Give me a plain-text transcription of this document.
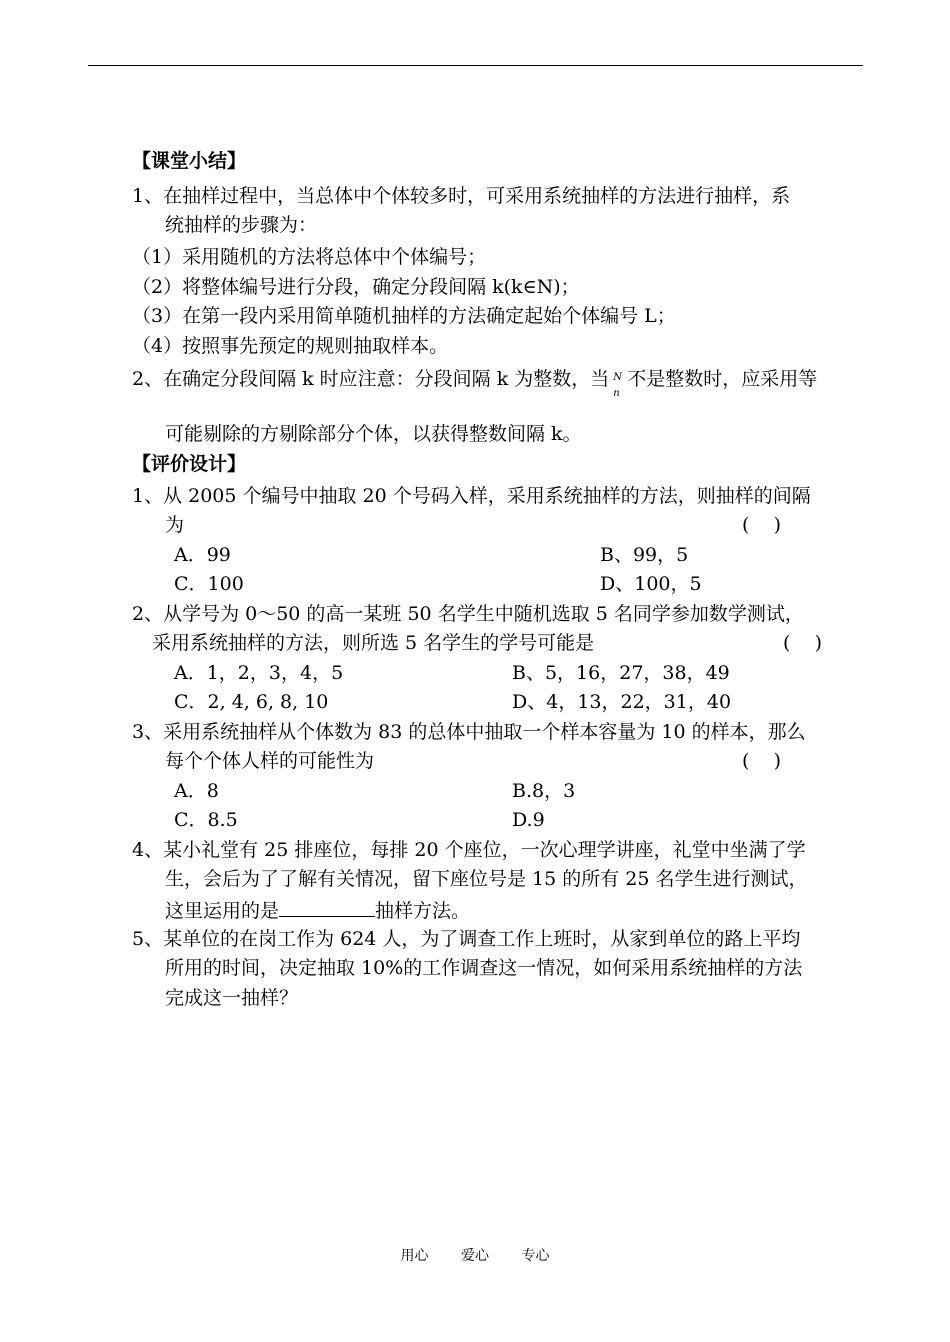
【课堂小结】
1、在抽样过程中，当总体中个体较多时，可采用系统抽样的方法进行抽样，系
统抽样的步骤为：
（1）采用随机的方法将总体中个体编号；
（2）将整体编号进行分段，确定分段间隔 k(k∈N)；
（3）在第一段内采用简单随机抽样的方法确定起始个体编号 L；
（4）按照事先预定的规则抽取样本。
2、在确定分段间隔 k 时应注意：分段间隔 k 为整数，当 N
n
不是整数时，应采用等
可能剔除的方剔除部分个体，以获得整数间隔 k。
【评价设计】
1、从 2005 个编号中抽取 20 个号码入样，采用系统抽样的方法，则抽样的间隔
为	(    )
A．99	B、99，5
C．100	D、100，5
2、从学号为 0～50 的高一某班 50 名学生中随机选取 5 名同学参加数学测试，
采用系统抽样的方法，则所选 5 名学生的学号可能是	(    )
A．1，2，3，4，5	B、5，16，27，38，49
C．2, 4, 6, 8, 10	D、4，13，22，31，40
3、采用系统抽样从个体数为 83 的总体中抽取一个样本容量为 10 的样本，那么
每个个体人样的可能性为	(    )
A．8	B.8，3
C．8.5	D.9
4、某小礼堂有 25 排座位，每排 20 个座位，一次心理学讲座，礼堂中坐满了学
生，会后为了了解有关情况，留下座位号是 15 的所有 25 名学生进行测试，
这里运用的是	抽样方法。
5、某单位的在岗工作为 624 人，为了调查工作上班时，从家到单位的路上平均
所用的时间，决定抽取 10%的工作调查这一情况，如何采用系统抽样的方法
完成这一抽样？
用心 爱心 专心
